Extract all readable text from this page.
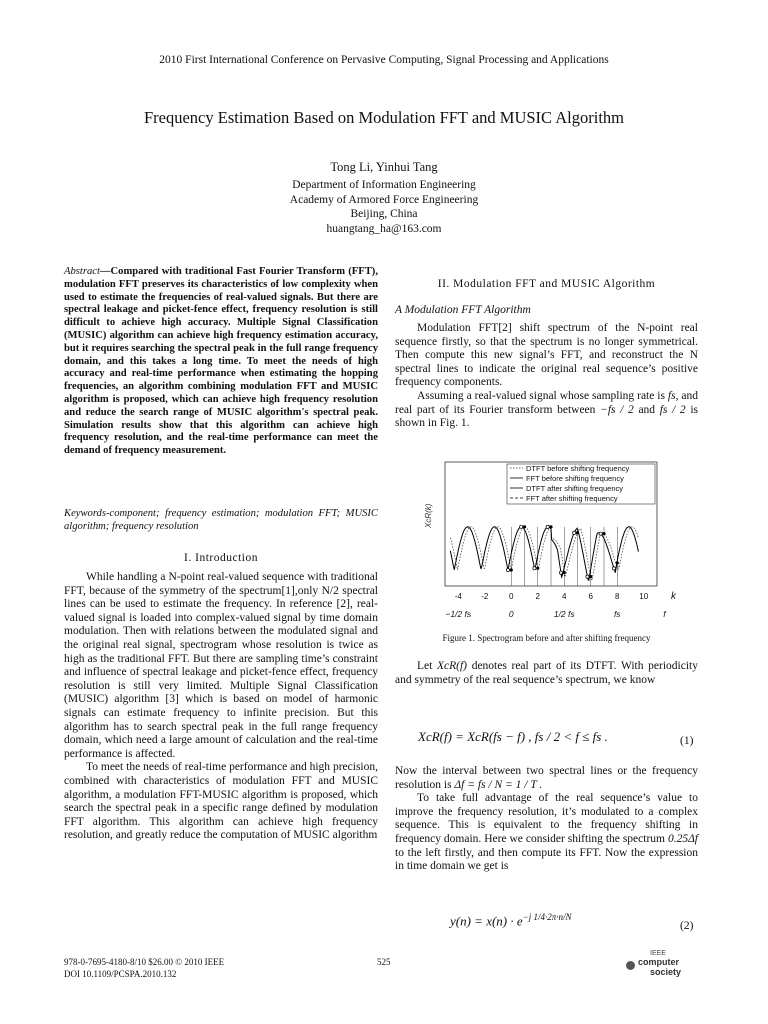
2010 First International Conference on Pervasive Computing, Signal Processing and Applications
Frequency Estimation Based on Modulation FFT and MUSIC Algorithm
Tong Li, Yinhui Tang
Department of Information Engineering
Academy of Armored Force Engineering
Beijing, China
huangtang_ha@163.com
Abstract—Compared with traditional Fast Fourier Transform (FFT), modulation FFT preserves its characteristics of low complexity when used to estimate the frequencies of real-valued signals. But there are spectral leakage and picket-fence effect, frequency resolution is still difficult to achieve high accuracy. Multiple Signal Classification (MUSIC) algorithm can achieve high frequency estimation accuracy, but it requires searching the spectral peak in the full range frequency domain, and this takes a long time. To meet the needs of high accuracy and real-time performance when estimating the hopping frequencies, an algorithm combining modulation FFT and MUSIC algorithm is proposed, which can achieve high frequency resolution and reduce the search range of MUSIC algorithm's spectral peak. Simulation results show that this algorithm can achieve high frequency resolution, and the real-time performance can meet the demand of frequency measurement.
Keywords-component; frequency estimation; modulation FFT; MUSIC algorithm; frequency resolution
I. Introduction

While handling a N-point real-valued sequence with traditional FFT, because of the symmetry of the spectrum[1],only N/2 spectral lines can be used to estimate the frequency. In reference [2], real-valued signal is loaded into complex-valued signal by time domain modulation. Then with relations between the modulated signal and the original real signal, spectrogram whose resolution is twice as high as the traditional FFT. But there are sampling time’s constraint and influence of spectral leakage and picket-fence effect, frequency resolution is still very limited. Multiple Signal Classification (MUSIC) algorithm [3] which is based on model of harmonic signals can estimate frequency to infinite precision. But this algorithm has to search spectral peak in the full range frequency domain, which need a large amount of calculation and the real-time performance is affected.

To meet the needs of real-time performance and high precision, combined with characteristics of modulation FFT and MUSIC algorithm, a modulation FFT-MUSIC algorithm is proposed, which search the spectral peak in a specific range defined by modulation FFT algorithm. This algorithm can achieve high frequency resolution, and greatly reduce the computation of MUSIC algorithm

II. Modulation FFT and MUSIC Algorithm
A Modulation FFT Algorithm

Modulation FFT[2] shift spectrum of the N-point real sequence firstly, so that the spectrum is no longer symmetrical. Then compute this new signal’s FFT, and reconstruct the N spectral lines to indicate the original real sequence’s positive frequency components.

Assuming a real-valued signal whose sampling rate is fs, and real part of its Fourier transform between −fs / 2 and fs / 2 is shown in Fig. 1.

DTFT before shifting frequency
FFT before shifting frequency
DTFT after shifting frequency
FFT after shifting frequency
XcR(k)
-4 -2	0	2	4	6	8 10 k
−1/2 fs	0	1/2 fs	fs	f
Figure 1. Spectrogram before and after shifting frequency

Let XcR(f) denotes real part of its DTFT. With periodicity and symmetry of the real sequence’s spectrum, we know

XcR(f) = XcR(fs − f) , fs / 2 < f ≤ fs .	(1)

Now the interval between two spectral lines or the frequency resolution is Δf = fs / N = 1 / T .

To take full advantage of the real sequence’s value to improve the frequency resolution, it’s modulated to a complex sequence. This is equivalent to the frequency shifting in frequency domain. Here we consider shifting the spectrum 0.25Δf to the left firstly, and then compute its FFT. Now the expression in time domain we get is

$y(n) = x(n) \cdot e^{-j 1/4\cdot 2\pi\cdot n/N}$
(2)
978-0-7695-4180-8/10 $26.00 © 2010 IEEE
DOI 10.1109/PCSPA.2010.132
525
IEEE
computer
society
